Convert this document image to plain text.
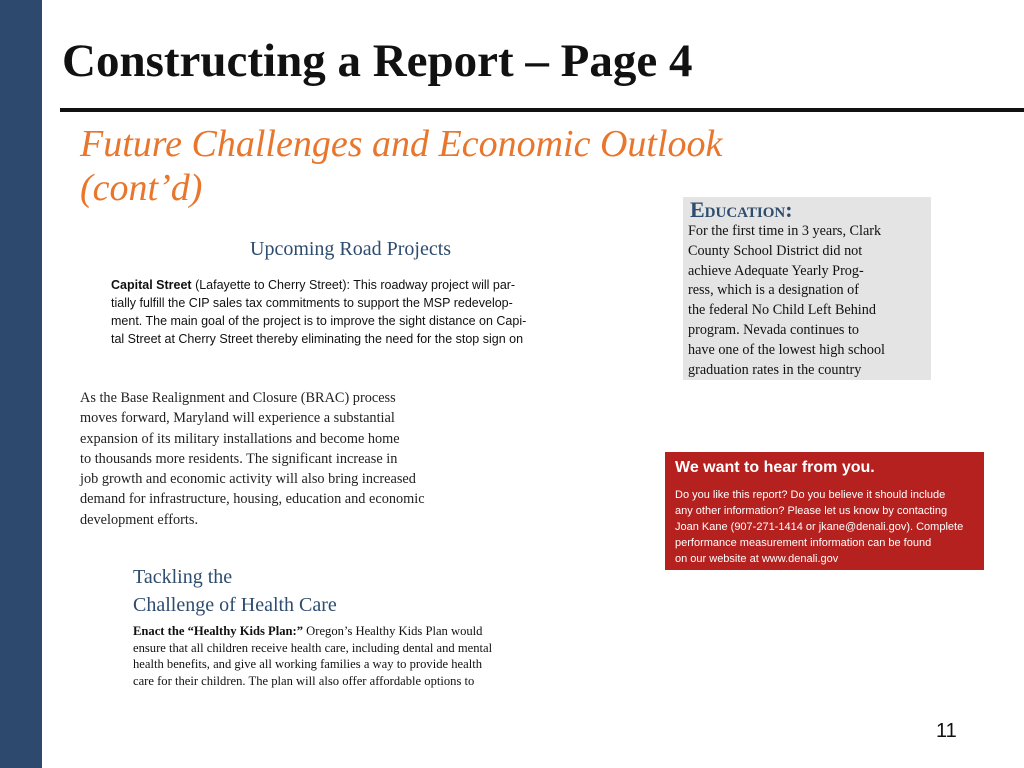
Constructing a Report – Page 4
Future Challenges and Economic Outlook
(cont’d)
Upcoming Road Projects
Capital Street (Lafayette to Cherry Street): This roadway project will par-
tially fulfill the CIP sales tax commitments to support the MSP redevelop-
ment. The main goal of the project is to improve the sight distance on Capi-
tal Street at Cherry Street thereby eliminating the need for the stop sign on
As the Base Realignment and Closure (BRAC) process
moves forward, Maryland will experience a substantial
expansion of its military installations and become home
to thousands more residents. The significant increase in
job growth and economic activity will also bring increased
demand for infrastructure, housing, education and economic
development efforts.
Tackling the
Challenge of Health Care
Enact the “Healthy Kids Plan:” Oregon’s Healthy Kids Plan would
ensure that all children receive health care, including dental and mental
health benefits, and give all working families a way to provide health
care for their children. The plan will also offer affordable options to
Education:
For the first time in 3 years, Clark
County School District did not
achieve Adequate Yearly Prog-
ress, which is a designation of
the federal No Child Left Behind
program. Nevada continues to
have one of the lowest high school
graduation rates in the country
We want to hear from you.
Do you like this report? Do you believe it should include
any other information? Please let us know by contacting
Joan Kane (907-271-1414 or jkane@denali.gov). Complete
performance measurement information can be found
on our website at www.denali.gov
11
